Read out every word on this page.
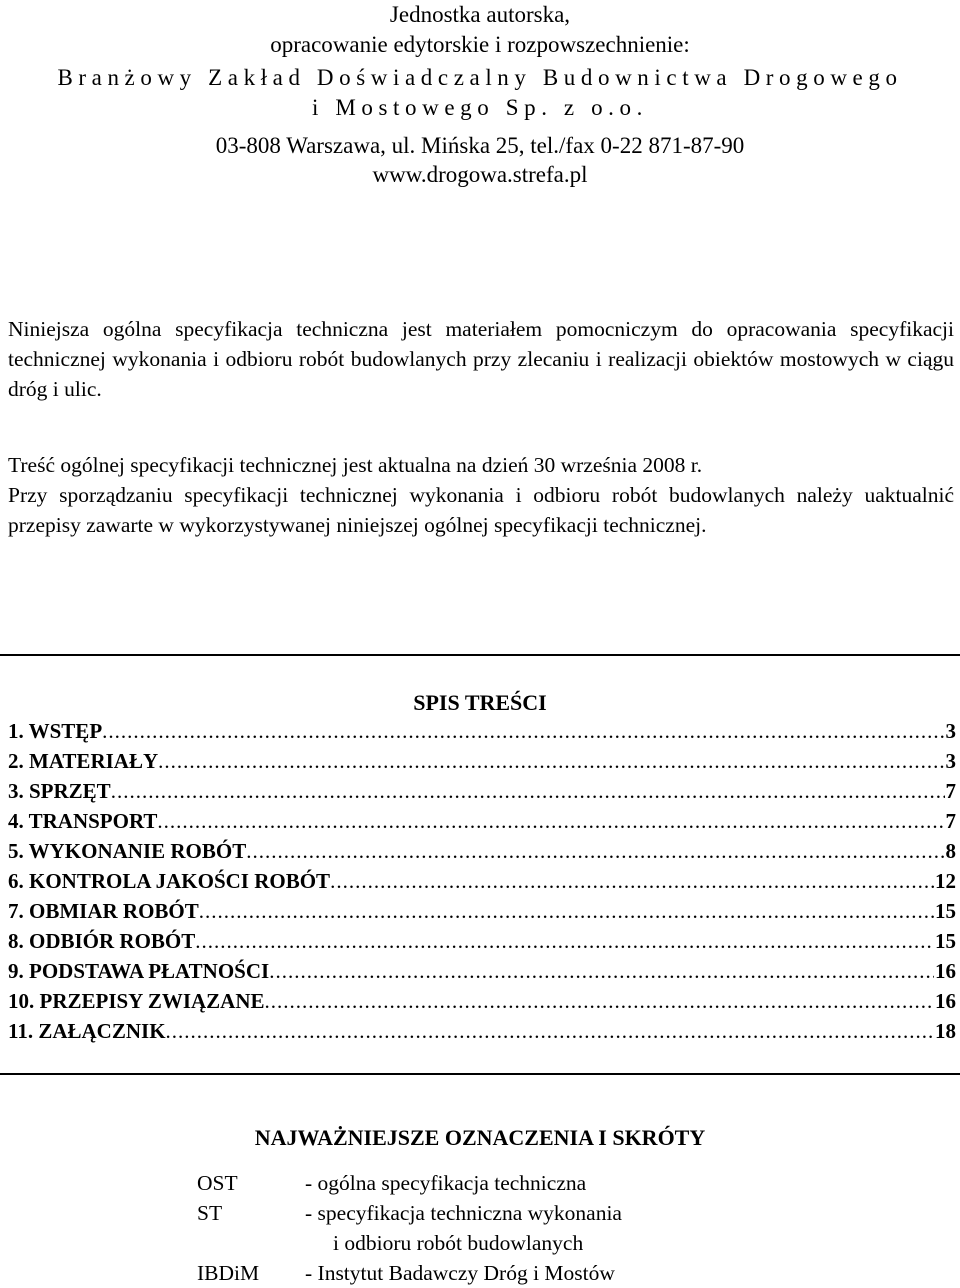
Jednostka autorska,
opracowanie edytorskie i rozpowszechnienie:
Branżowy Zakład Doświadczalny Budownictwa Drogowego
i Mostowego Sp. z o.o.
03-808 Warszawa, ul. Mińska 25, tel./fax 0-22 871-87-90
www.drogowa.strefa.pl
Niniejsza ogólna specyfikacja techniczna jest materiałem pomocniczym do opracowania specyfikacji technicznej wykonania i odbioru robót budowlanych przy zlecaniu i realizacji obiektów mostowych w ciągu dróg i ulic.
Treść ogólnej specyfikacji technicznej jest aktualna na dzień 30 września 2008 r.
Przy sporządzaniu specyfikacji technicznej wykonania i odbioru robót budowlanych należy uaktualnić przepisy zawarte w wykorzystywanej niniejszej ogólnej specyfikacji technicznej.
SPIS TREŚCI
1. WSTĘP .....	3
2. MATERIAŁY .....	3
3. SPRZĘT .....	7
4. TRANSPORT .....	7
5. WYKONANIE ROBÓT .....	8
6. KONTROLA JAKOŚCI ROBÓT .....	12
7. OBMIAR ROBÓT .....	15
8. ODBIÓR ROBÓT .....	15
9. PODSTAWA PŁATNOŚCI .....	16
10. PRZEPISY ZWIĄZANE .....	16
11. ZAŁĄCZNIK .....	18
NAJWAŻNIEJSZE OZNACZENIA I SKRÓTY
OST	- ogólna specyfikacja techniczna
ST	- specyfikacja techniczna wykonania
i odbioru robót budowlanych
IBDiM - Instytut Badawczy Dróg i Mostów
